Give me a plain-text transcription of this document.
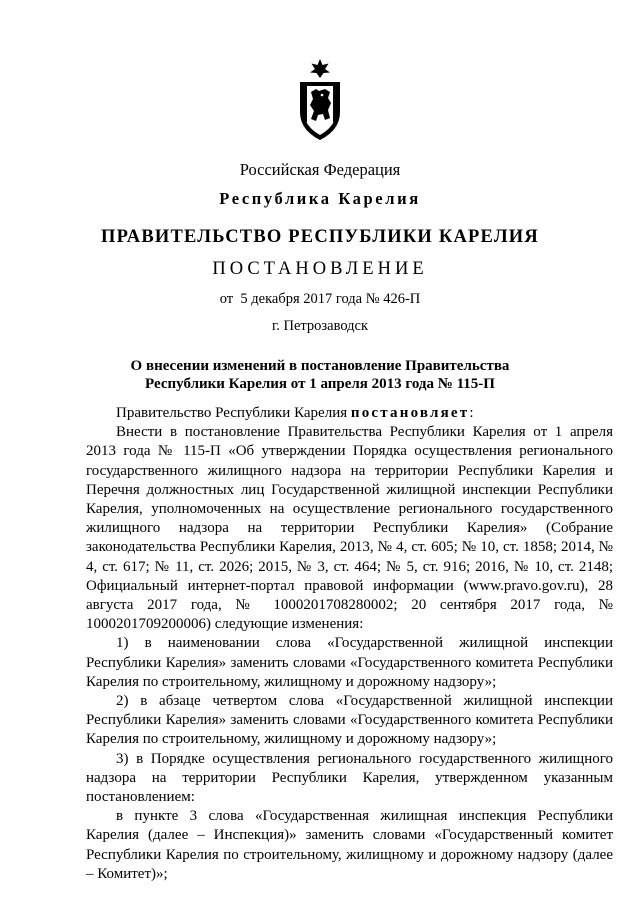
Российская Федерация
Республика Карелия
ПРАВИТЕЛЬСТВО РЕСПУБЛИКИ КАРЕЛИЯ
ПОСТАНОВЛЕНИЕ
от  5 декабря 2017 года № 426-П
г. Петрозаводск
О внесении изменений в постановление Правительства
Республики Карелия от 1 апреля 2013 года № 115-П

Правительство Республики Карелия постановляет:

Внести в постановление Правительства Республики Карелия от 1 апреля 2013 года № 115-П «Об утверждении Порядка осуществления регионального государственного жилищного надзора на территории Республики Карелия и Перечня должностных лиц Государственной жилищной инспекции Республики Карелия, уполномоченных на осуществление регионального государственного жилищного надзора на территории Республики Карелия» (Собрание законодательства Республики Карелия, 2013, № 4, ст. 605; № 10, ст. 1858; 2014, № 4, ст. 617; № 11, ст. 2026; 2015, № 3, ст. 464; № 5, ст. 916; 2016, № 10, ст. 2148; Официальный интернет-портал правовой информации (www.pravo.gov.ru), 28 августа 2017 года, № 1000201708280002; 20 сентября 2017 года, № 1000201709200006) следующие изменения:

1) в наименовании слова «Государственной жилищной инспекции Республики Карелия» заменить словами «Государственного комитета Республики Карелия по строительному, жилищному и дорожному надзору»;

2) в абзаце четвертом слова «Государственной жилищной инспекции Республики Карелия» заменить словами «Государственного комитета Республики Карелия по строительному, жилищному и дорожному надзору»;

3) в Порядке осуществления регионального государственного жилищного надзора на территории Республики Карелия, утвержденном указанным постановлением:

в пункте 3 слова «Государственная жилищная инспекция Республики Карелия (далее – Инспекция)» заменить словами «Государственный комитет Республики Карелия по строительному, жилищному и дорожному надзору (далее – Комитет)»;
